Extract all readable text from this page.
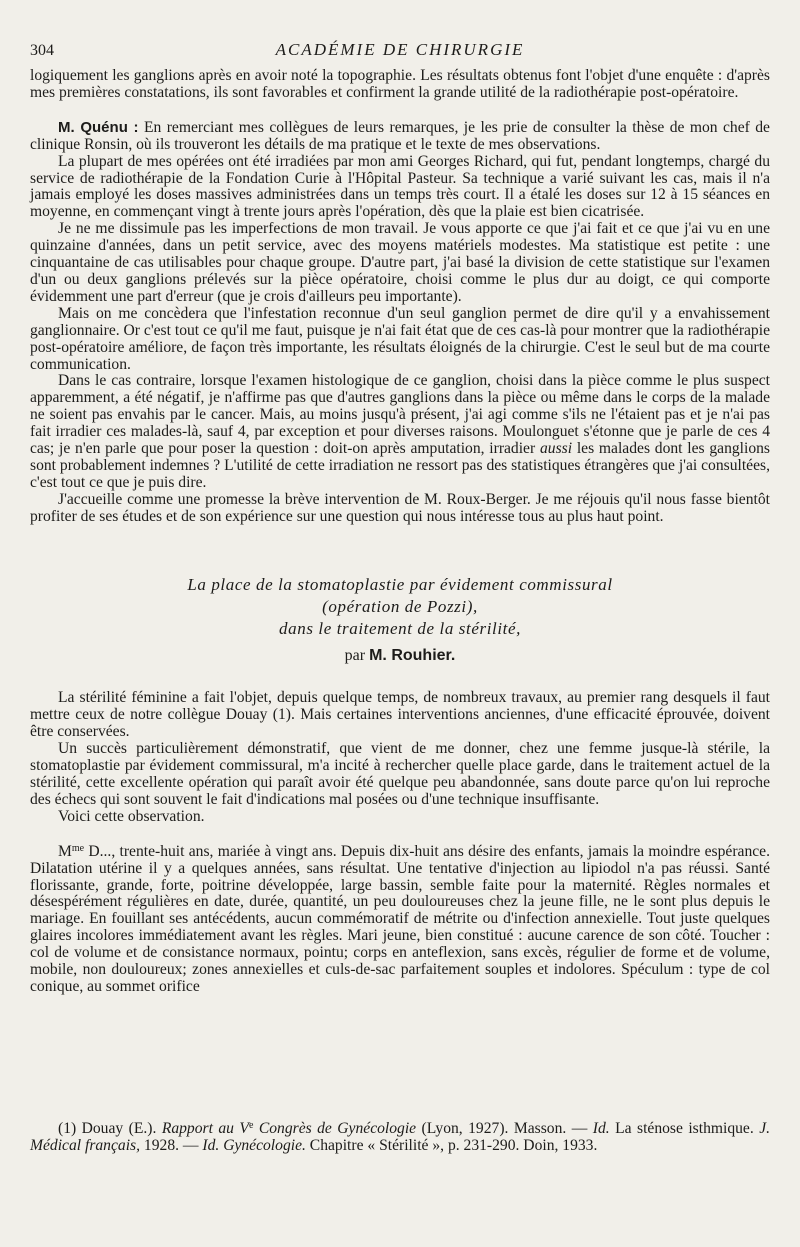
304	ACADÉMIE DE CHIRURGIE

logiquement les ganglions après en avoir noté la topographie. Les résultats obtenus font l'objet d'une enquête : d'après mes premières constatations, ils sont favorables et confirment la grande utilité de la radiothérapie post-opératoire.

M. Quénu : En remerciant mes collègues de leurs remarques, je les prie de consulter la thèse de mon chef de clinique Ronsin, où ils trouveront les détails de ma pratique et le texte de mes observations.

La plupart de mes opérées ont été irradiées par mon ami Georges Richard, qui fut, pendant longtemps, chargé du service de radiothérapie de la Fondation Curie à l'Hôpital Pasteur. Sa technique a varié suivant les cas, mais il n'a jamais employé les doses massives administrées dans un temps très court. Il a étalé les doses sur 12 à 15 séances en moyenne, en commençant vingt à trente jours après l'opération, dès que la plaie est bien cicatrisée.

Je ne me dissimule pas les imperfections de mon travail. Je vous apporte ce que j'ai fait et ce que j'ai vu en une quinzaine d'années, dans un petit service, avec des moyens matériels modestes. Ma statistique est petite : une cinquantaine de cas utilisables pour chaque groupe. D'autre part, j'ai basé la division de cette statistique sur l'examen d'un ou deux ganglions prélevés sur la pièce opératoire, choisi comme le plus dur au doigt, ce qui comporte évidemment une part d'erreur (que je crois d'ailleurs peu importante).

Mais on me concèdera que l'infestation reconnue d'un seul ganglion permet de dire qu'il y a envahissement ganglionnaire. Or c'est tout ce qu'il me faut, puisque je n'ai fait état que de ces cas-là pour montrer que la radiothérapie post-opératoire améliore, de façon très importante, les résultats éloignés de la chirurgie. C'est le seul but de ma courte communication.

Dans le cas contraire, lorsque l'examen histologique de ce ganglion, choisi dans la pièce comme le plus suspect apparemment, a été négatif, je n'affirme pas que d'autres ganglions dans la pièce ou même dans le corps de la malade ne soient pas envahis par le cancer. Mais, au moins jusqu'à présent, j'ai agi comme s'ils ne l'étaient pas et je n'ai pas fait irradier ces malades-là, sauf 4, par exception et pour diverses raisons. Moulonguet s'étonne que je parle de ces 4 cas; je n'en parle que pour poser la question : doit-on après amputation, irradier aussi les malades dont les ganglions sont probablement indemnes ? L'utilité de cette irradiation ne ressort pas des statistiques étrangères que j'ai consultées, c'est tout ce que je puis dire.

J'accueille comme une promesse la brève intervention de M. Roux-Berger. Je me réjouis qu'il nous fasse bientôt profiter de ses études et de son expérience sur une question qui nous intéresse tous au plus haut point.

La place de la stomatoplastie par évidement commissural
(opération de Pozzi),
dans le traitement de la stérilité,
par M. Rouhier.

La stérilité féminine a fait l'objet, depuis quelque temps, de nombreux travaux, au premier rang desquels il faut mettre ceux de notre collègue Douay (1). Mais certaines interventions anciennes, d'une efficacité éprouvée, doivent être conservées.

Un succès particulièrement démonstratif, que vient de me donner, chez une femme jusque-là stérile, la stomatoplastie par évidement commissural, m'a incité à rechercher quelle place garde, dans le traitement actuel de la stérilité, cette excellente opération qui paraît avoir été quelque peu abandonnée, sans doute parce qu'on lui reproche des échecs qui sont souvent le fait d'indications mal posées ou d'une technique insuffisante.

Voici cette observation.

$M^{me}$ D..., trente-huit ans, mariée à vingt ans. Depuis dix-huit ans désire des enfants, jamais la moindre espérance. Dilatation utérine il y a quelques années, sans résultat. Une tentative d'injection au lipiodol n'a pas réussi. Santé florissante, grande, forte, poitrine développée, large bassin, semble faite pour la maternité. Règles normales et désespérément régulières en date, durée, quantité, un peu douloureuses chez la jeune fille, ne le sont plus depuis le mariage. En fouillant ses antécédents, aucun commémoratif de métrite ou d'infection annexielle. Tout juste quelques glaires incolores immédiatement avant les règles. Mari jeune, bien constitué : aucune carence de son côté. Toucher : col de volume et de consistance normaux, pointu; corps en anteflexion, sans excès, régulier de forme et de volume, mobile, non douloureux; zones annexielles et culs-de-sac parfaitement souples et indolores. Spéculum : type de col conique, au sommet orifice

(1) Douay (E.). Rapport au Ve Congrès de Gynécologie (Lyon, 1927). Masson. — Id. La sténose isthmique. J. Médical français, 1928. — Id. Gynécologie. Chapitre « Stérilité », p. 231-290. Doin, 1933.
